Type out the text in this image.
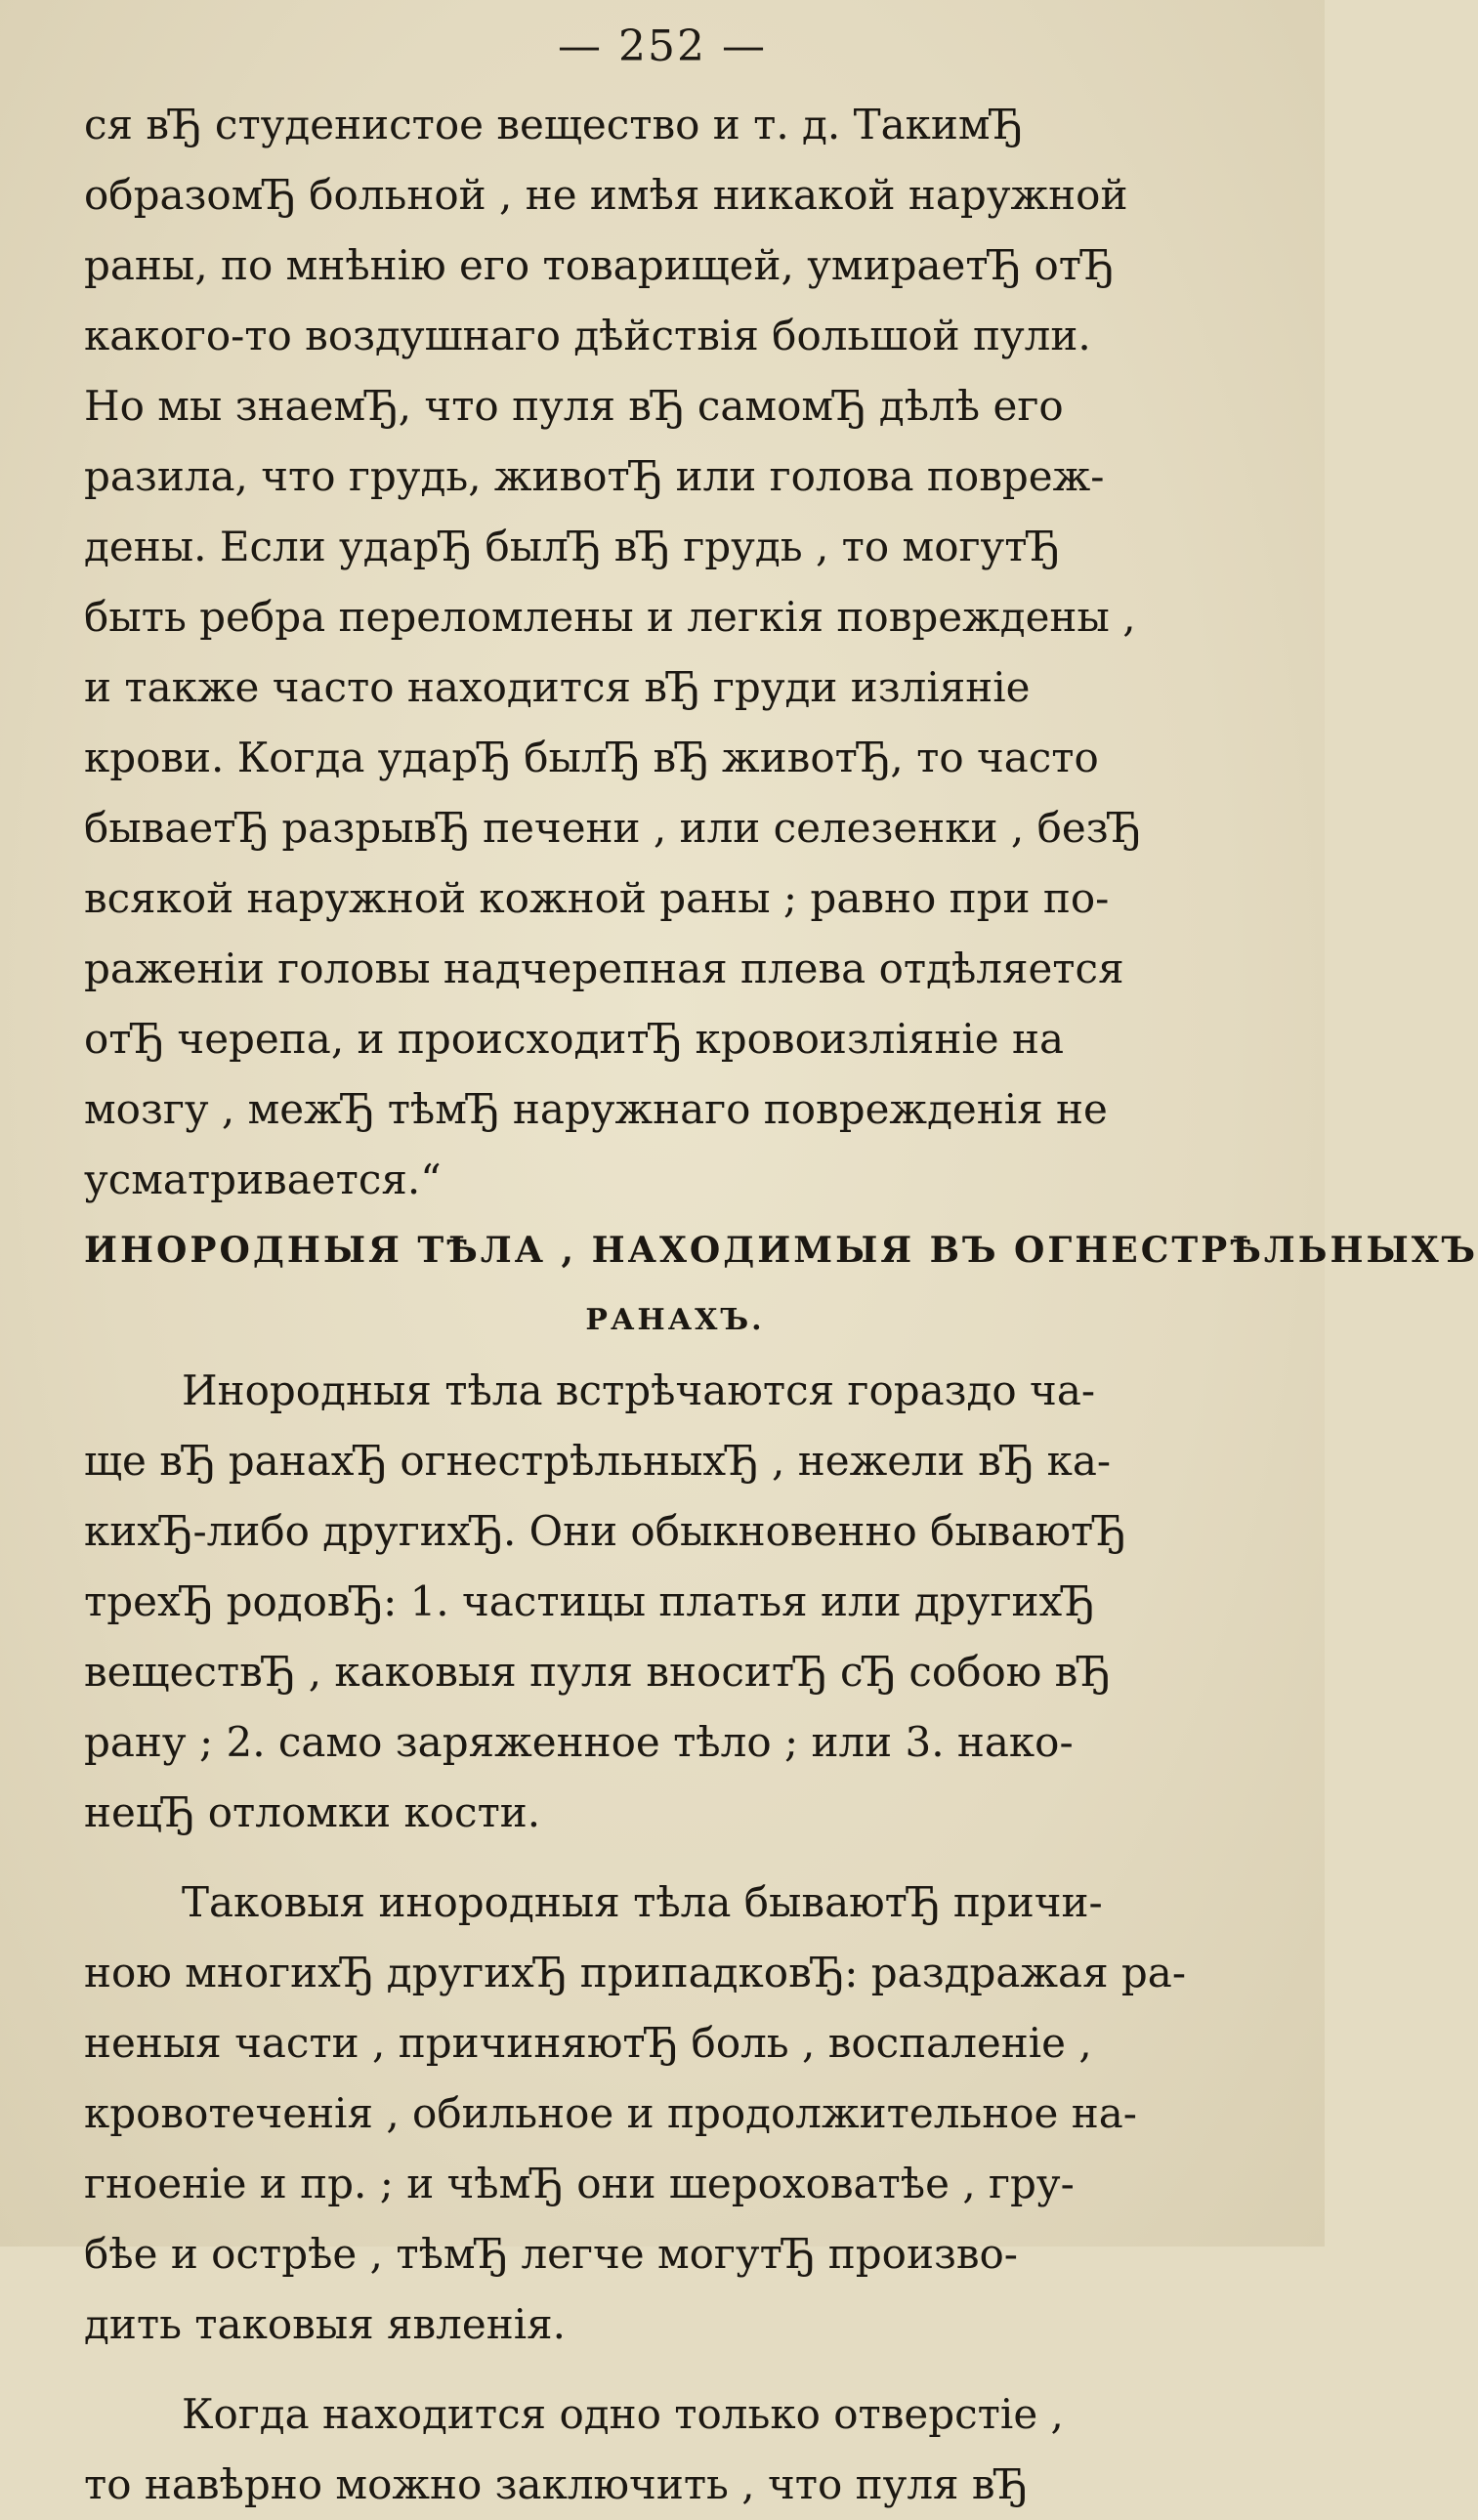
— 252 —
ся вЂ студенистое вещество и т. д. ТакимЂ
образомЂ больной , не имѣя никакой наружной
раны, по мнѣнію его товарищей, умираетЂ отЂ
какого-то воздушнаго дѣйствія большой пули.
Но мы знаемЂ, что пуля вЂ самомЂ дѣлѣ его
разила, что грудь, животЂ или голова повреж-
дены. Если ударЂ былЂ вЂ грудь , то могутЂ
быть ребра переломлены и легкія повреждены ,
и также часто находится вЂ груди изліяніе
крови. Когда ударЂ былЂ вЂ животЂ, то часто
бываетЂ разрывЂ печени , или селезенки , безЂ
всякой наружной кожной раны ; равно при по-
раженіи головы надчерепная плева отдѣляется
отЂ черепа, и происходитЂ кровоизліяніе на
мозгу , межЂ тѣмЂ наружнаго поврежденія не
усматривается.“
ИНОРОДНЫЯ ТѢЛА , НАХОДИМЫЯ ВЪ ОГНЕСТРѢЛЬНЫХЪ
РАНАХЪ.
Инородныя тѣла встрѣчаются гораздо ча-
ще вЂ ранахЂ огнестрѣльныхЂ , нежели вЂ ка-
кихЂ-либо другихЂ. Они обыкновенно бываютЂ
трехЂ родовЂ: 1. частицы платья или другихЂ
веществЂ , каковыя пуля вноситЂ сЂ собою вЂ
рану ; 2. само заряженное тѣло ; или 3. нако-
нецЂ отломки кости.
Таковыя инородныя тѣла бываютЂ причи-
ною многихЂ другихЂ припадковЂ: раздражая ра-
неныя части , причиняютЂ боль , воспаленіе ,
кровотеченія , обильное и продолжительное на-
гноеніе и пр. ; и чѣмЂ они шероховатѣе , гру-
бѣе и острѣе , тѣмЂ легче могутЂ произво-
дить таковыя явленія.
Когда находится одно только отверстіе ,
то навѣрно можно заключить , что пуля вЂ
